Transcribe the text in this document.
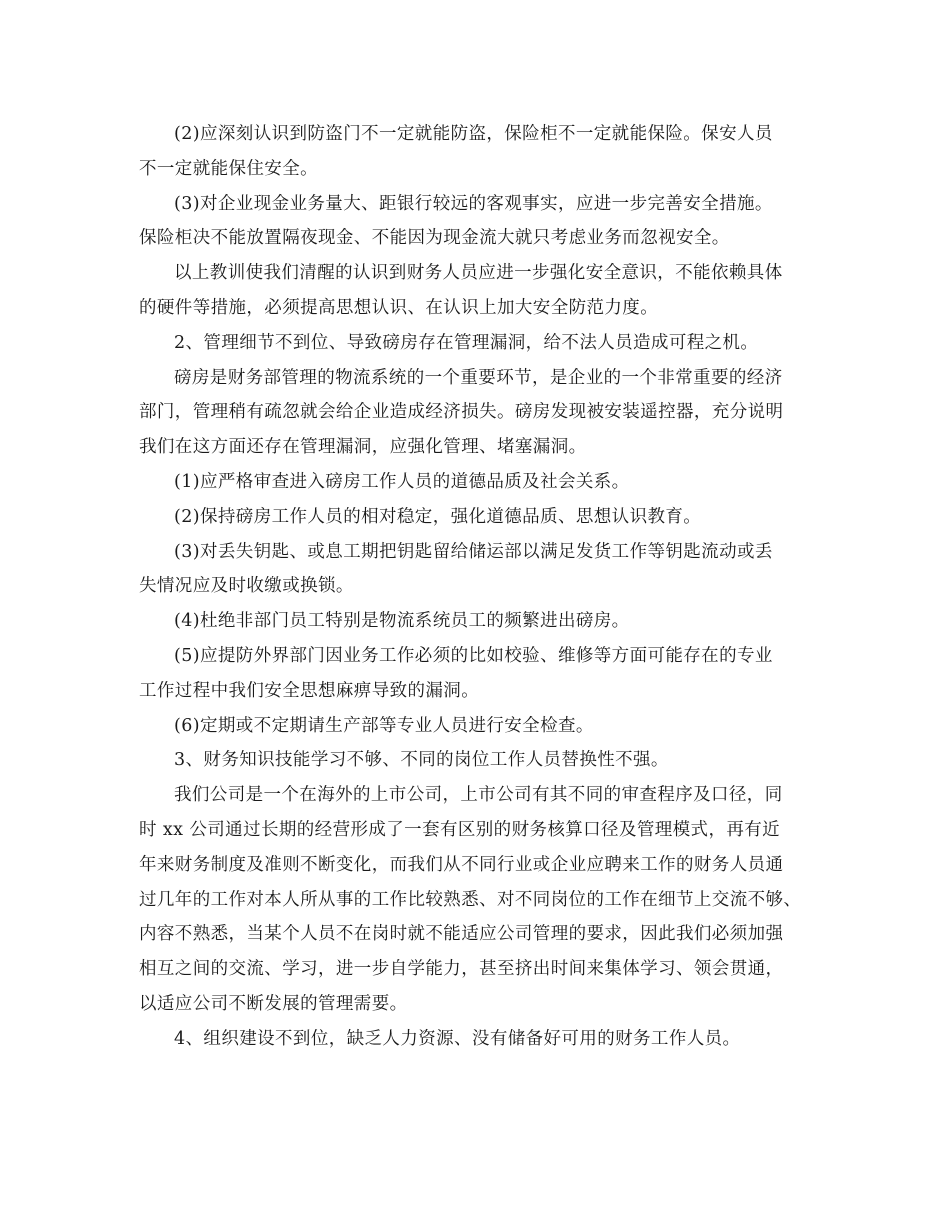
(2)应深刻认识到防盗门不一定就能防盗，保险柜不一定就能保险。保安人员
不一定就能保住安全。

(3)对企业现金业务量大、距银行较远的客观事实，应进一步完善安全措施。
保险柜决不能放置隔夜现金、不能因为现金流大就只考虑业务而忽视安全。

以上教训使我们清醒的认识到财务人员应进一步强化安全意识，不能依赖具体
的硬件等措施，必须提高思想认识、在认识上加大安全防范力度。

2、管理细节不到位、导致磅房存在管理漏洞，给不法人员造成可程之机。

磅房是财务部管理的物流系统的一个重要环节，是企业的一个非常重要的经济
部门，管理稍有疏忽就会给企业造成经济损失。磅房发现被安装遥控器，充分说明
我们在这方面还存在管理漏洞，应强化管理、堵塞漏洞。

(1)应严格审查进入磅房工作人员的道德品质及社会关系。

(2)保持磅房工作人员的相对稳定，强化道德品质、思想认识教育。

(3)对丢失钥匙、或息工期把钥匙留给储运部以满足发货工作等钥匙流动或丢
失情况应及时收缴或换锁。

(4)杜绝非部门员工特别是物流系统员工的频繁进出磅房。

(5)应提防外界部门因业务工作必须的比如校验、维修等方面可能存在的专业
工作过程中我们安全思想麻痹导致的漏洞。

(6)定期或不定期请生产部等专业人员进行安全检查。

3、财务知识技能学习不够、不同的岗位工作人员替换性不强。

我们公司是一个在海外的上市公司，上市公司有其不同的审查程序及口径，同
时 xx 公司通过长期的经营形成了一套有区别的财务核算口径及管理模式，再有近
年来财务制度及准则不断变化，而我们从不同行业或企业应聘来工作的财务人员通
过几年的工作对本人所从事的工作比较熟悉、对不同岗位的工作在细节上交流不够、
内容不熟悉，当某个人员不在岗时就不能适应公司管理的要求，因此我们必须加强
相互之间的交流、学习，进一步自学能力，甚至挤出时间来集体学习、领会贯通，
以适应公司不断发展的管理需要。

4、组织建设不到位，缺乏人力资源、没有储备好可用的财务工作人员。
